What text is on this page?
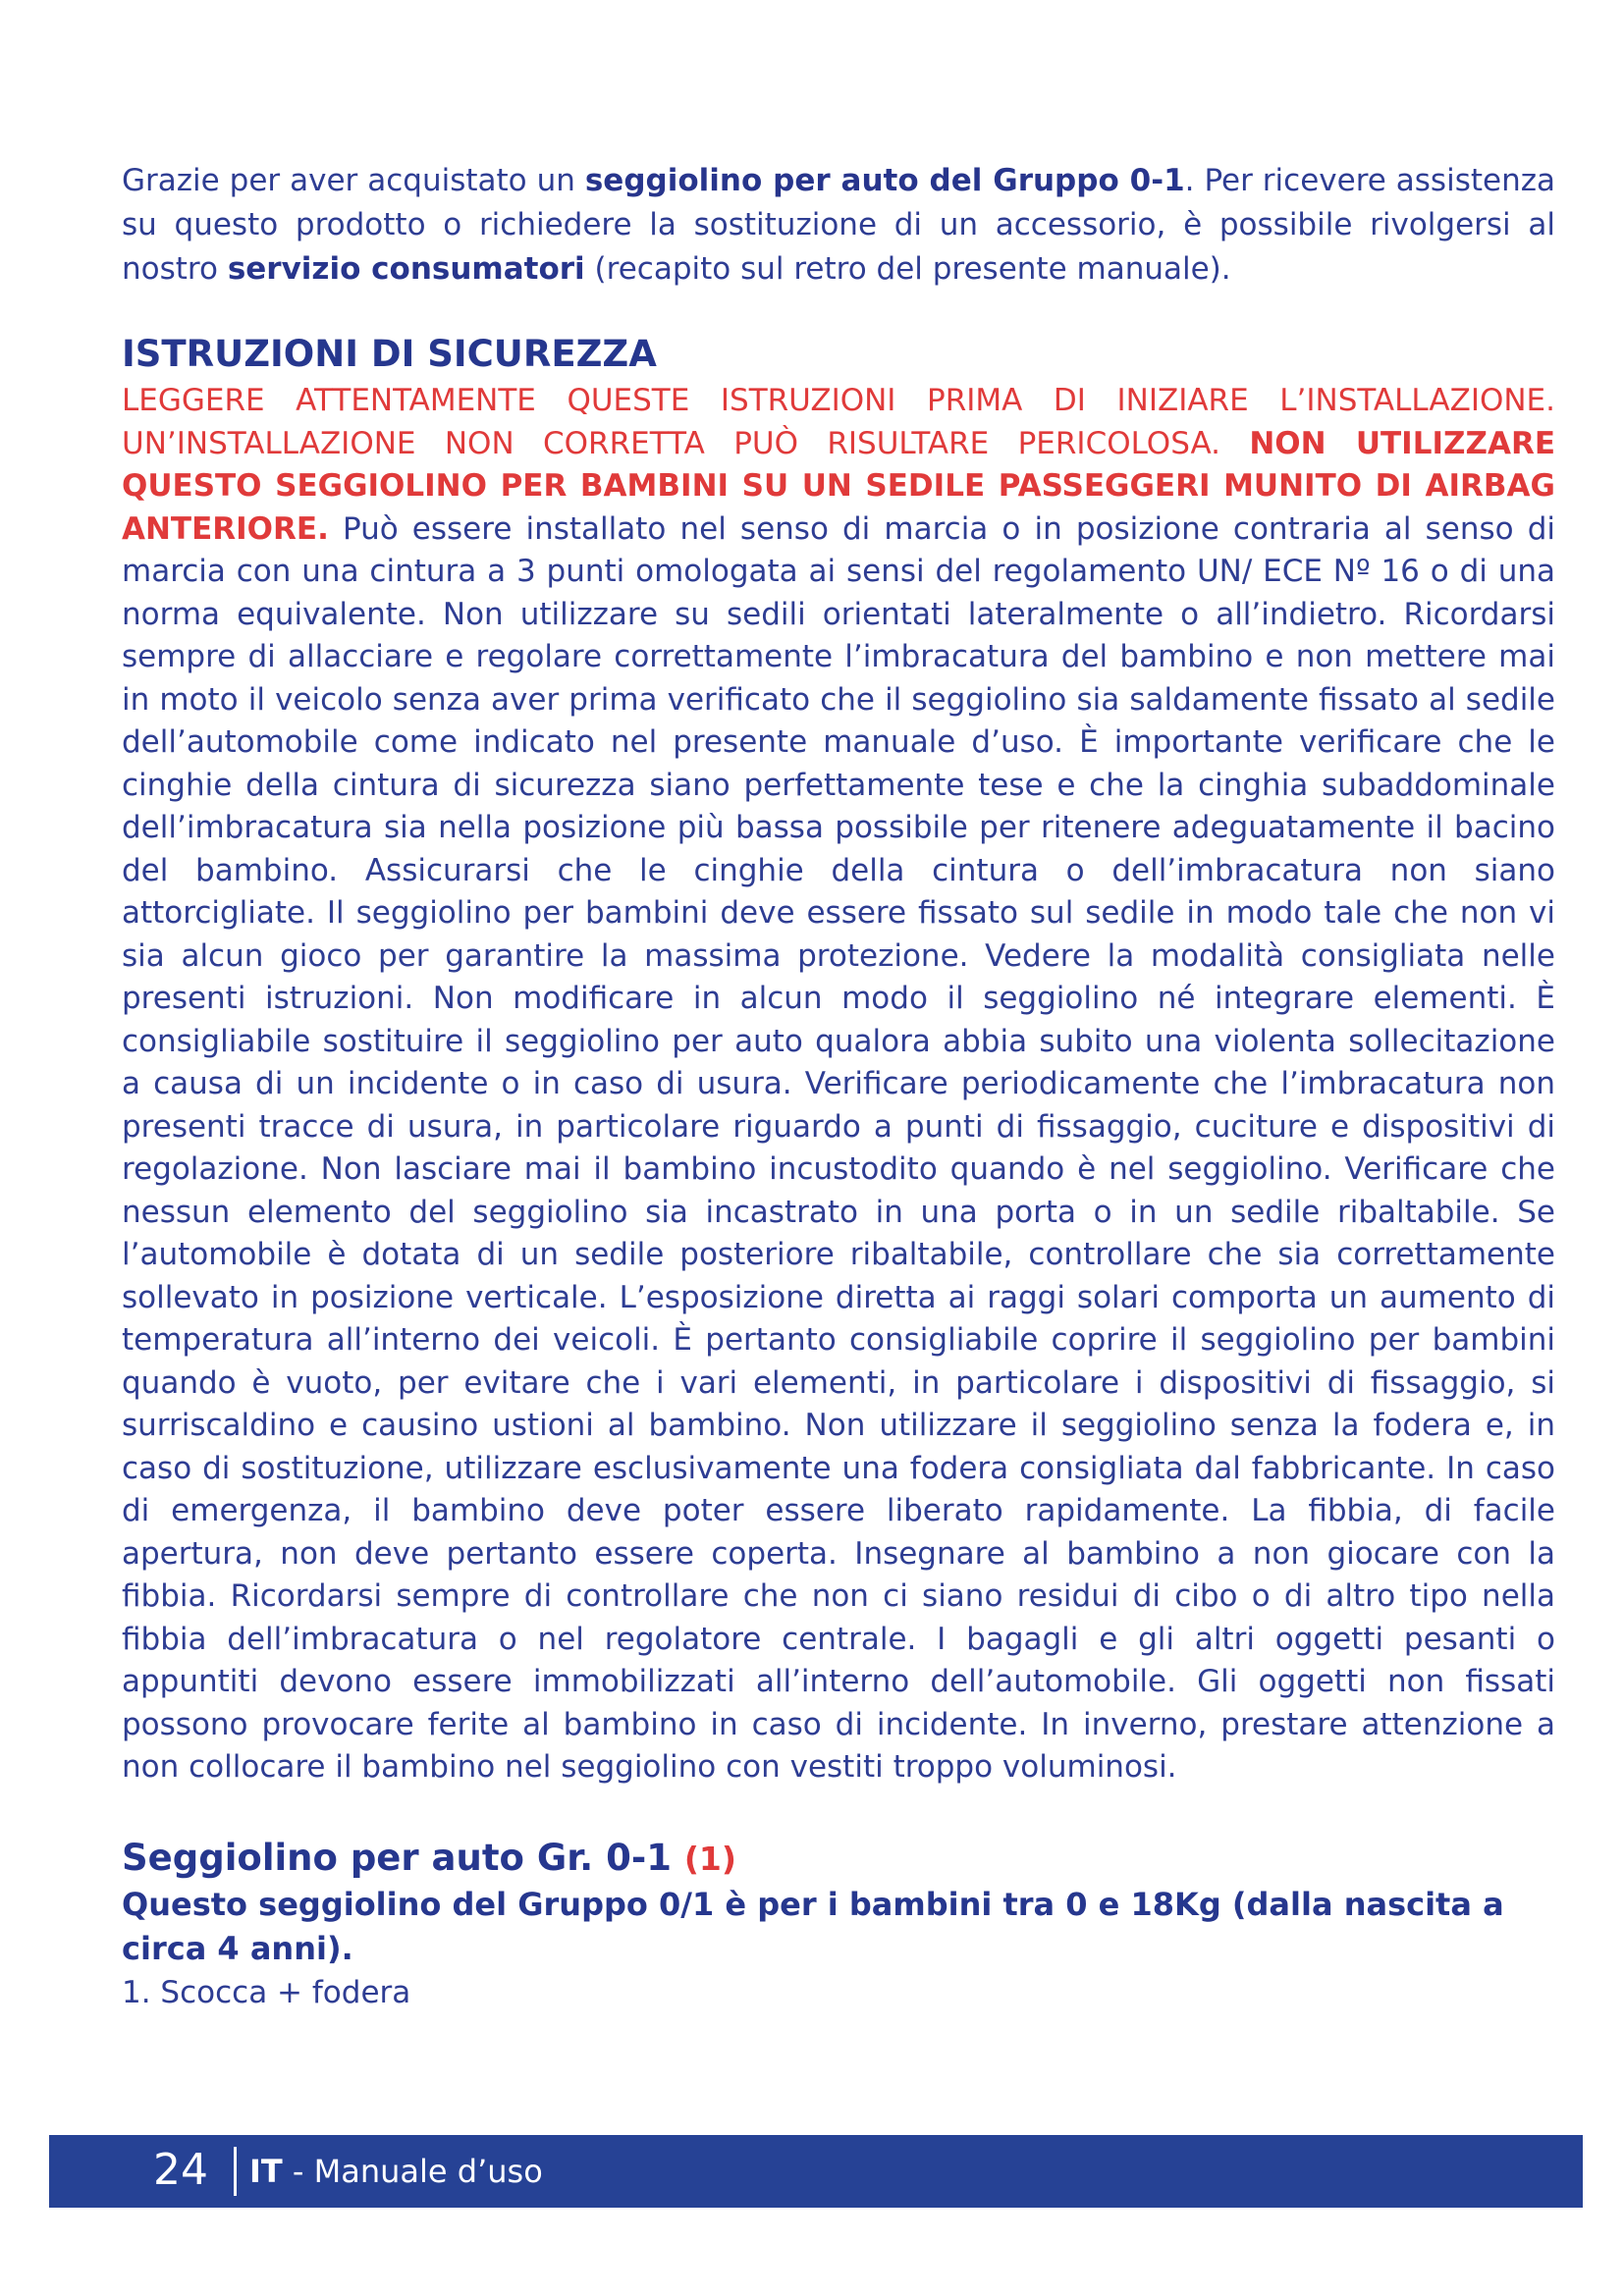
Grazie per aver acquistato un seggiolino per auto del Gruppo 0-1. Per ricevere assistenza su questo prodotto o richiedere la sostituzione di un accessorio, è possibile rivolgersi al nostro servizio consumatori (recapito sul retro del presente manuale).

ISTRUZIONI DI SICUREZZA

LEGGERE ATTENTAMENTE QUESTE ISTRUZIONI PRIMA DI INIZIARE L’INSTALLAZIONE. UN’INSTALLAZIONE NON CORRETTA PUÒ RISULTARE PERICOLOSA. NON UTILIZZARE QUESTO SEGGIOLINO PER BAMBINI SU UN SEDILE PASSEGGERI MUNITO DI AIRBAG ANTERIORE. Può essere installato nel senso di marcia o in posizione contraria al senso di marcia con una cintura a 3 punti omologata ai sensi del regolamento UN/ ECE Nº 16 o di una norma equivalente. Non utilizzare su sedili orientati lateralmente o all’indietro. Ricordarsi sempre di allacciare e regolare correttamente l’imbracatura del bambino e non mettere mai in moto il veicolo senza aver prima verificato che il seggiolino sia saldamente fissato al sedile dell’automobile come indicato nel presente manuale d’uso. È importante verificare che le cinghie della cintura di sicurezza siano perfettamente tese e che la cinghia subaddominale dell’imbracatura sia nella posizione più bassa possibile per ritenere adeguatamente il bacino del bambino. Assicurarsi che le cinghie della cintura o dell’imbracatura non siano attorcigliate. Il seggiolino per bambini deve essere fissato sul sedile in modo tale che non vi sia alcun gioco per garantire la massima protezione. Vedere la modalità consigliata nelle presenti istruzioni. Non modificare in alcun modo il seggiolino né integrare elementi. È consigliabile sostituire il seggiolino per auto qualora abbia subito una violenta sollecitazione a causa di un incidente o in caso di usura. Verificare periodicamente che l’imbracatura non presenti tracce di usura, in particolare riguardo a punti di fissaggio, cuciture e dispositivi di regolazione. Non lasciare mai il bambino incustodito quando è nel seggiolino. Verificare che nessun elemento del seggiolino sia incastrato in una porta o in un sedile ribaltabile. Se l’automobile è dotata di un sedile posteriore ribaltabile, controllare che sia correttamente sollevato in posizione verticale. L’esposizione diretta ai raggi solari comporta un aumento di temperatura all’interno dei veicoli. È pertanto consigliabile coprire il seggiolino per bambini quando è vuoto, per evitare che i vari elementi, in particolare i dispositivi di fissaggio, si surriscaldino e causino ustioni al bambino. Non utilizzare il seggiolino senza la fodera e, in caso di sostituzione, utilizzare esclusivamente una fodera consigliata dal fabbricante. In caso di emergenza, il bambino deve poter essere liberato rapidamente. La fibbia, di facile apertura, non deve pertanto essere coperta. Insegnare al bambino a non giocare con la fibbia. Ricordarsi sempre di controllare che non ci siano residui di cibo o di altro tipo nella fibbia dell’imbracatura o nel regolatore centrale. I bagagli e gli altri oggetti pesanti o appuntiti devono essere immobilizzati all’interno dell’automobile. Gli oggetti non fissati possono provocare ferite al bambino in caso di incidente. In inverno, prestare attenzione a non collocare il bambino nel seggiolino con vestiti troppo voluminosi.

Seggiolino per auto Gr. 0-1 (1)

Questo seggiolino del Gruppo 0/1 è per i bambini tra 0 e 18Kg (dalla nascita a circa 4 anni).

1. Scocca + fodera

24 IT - Manuale d’uso
